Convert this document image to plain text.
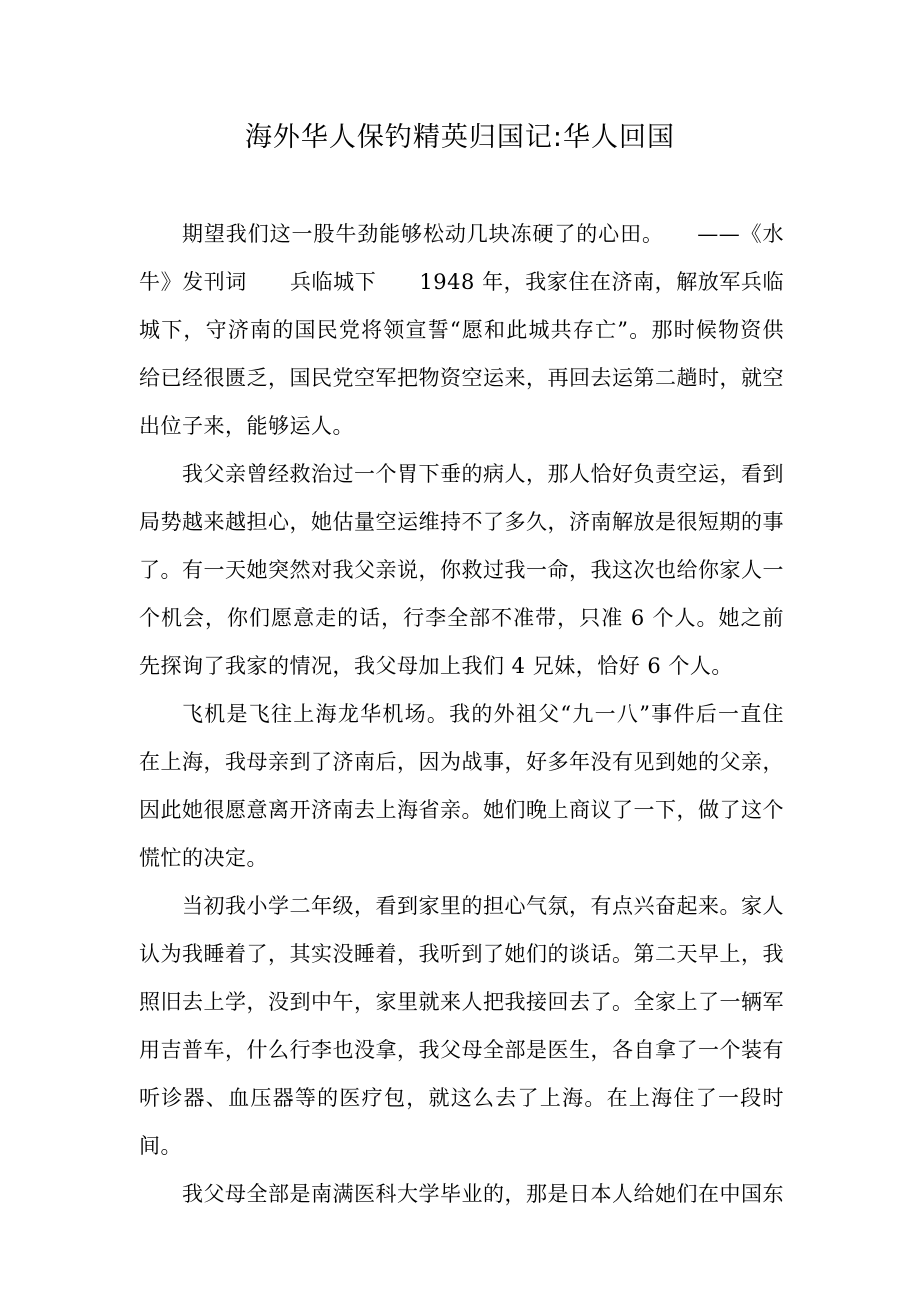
海外华人保钓精英归国记:华人回国

期望我们这一股牛劲能够松动几块冻硬了的心田。　　——《水牛》发刊词　　兵临城下　　1948 年，我家住在济南，解放军兵临城下，守济南的国民党将领宣誓“愿和此城共存亡”。那时候物资供给已经很匮乏，国民党空军把物资空运来，再回去运第二趟时，就空出位子来，能够运人。

我父亲曾经救治过一个胃下垂的病人，那人恰好负责空运，看到局势越来越担心，她估量空运维持不了多久，济南解放是很短期的事了。有一天她突然对我父亲说，你救过我一命，我这次也给你家人一个机会，你们愿意走的话，行李全部不准带，只准 6 个人。她之前先探询了我家的情况，我父母加上我们 4 兄妹，恰好 6 个人。

飞机是飞往上海龙华机场。我的外祖父“九一八”事件后一直住在上海，我母亲到了济南后，因为战事，好多年没有见到她的父亲，因此她很愿意离开济南去上海省亲。她们晚上商议了一下，做了这个慌忙的决定。

当初我小学二年级，看到家里的担心气氛，有点兴奋起来。家人认为我睡着了，其实没睡着，我听到了她们的谈话。第二天早上，我照旧去上学，没到中午，家里就来人把我接回去了。全家上了一辆军用吉普车，什么行李也没拿，我父母全部是医生，各自拿了一个装有听诊器、血压器等的医疗包，就这么去了上海。在上海住了一段时间。

我父母全部是南满医科大学毕业的，那是日本人给她们在中国东
